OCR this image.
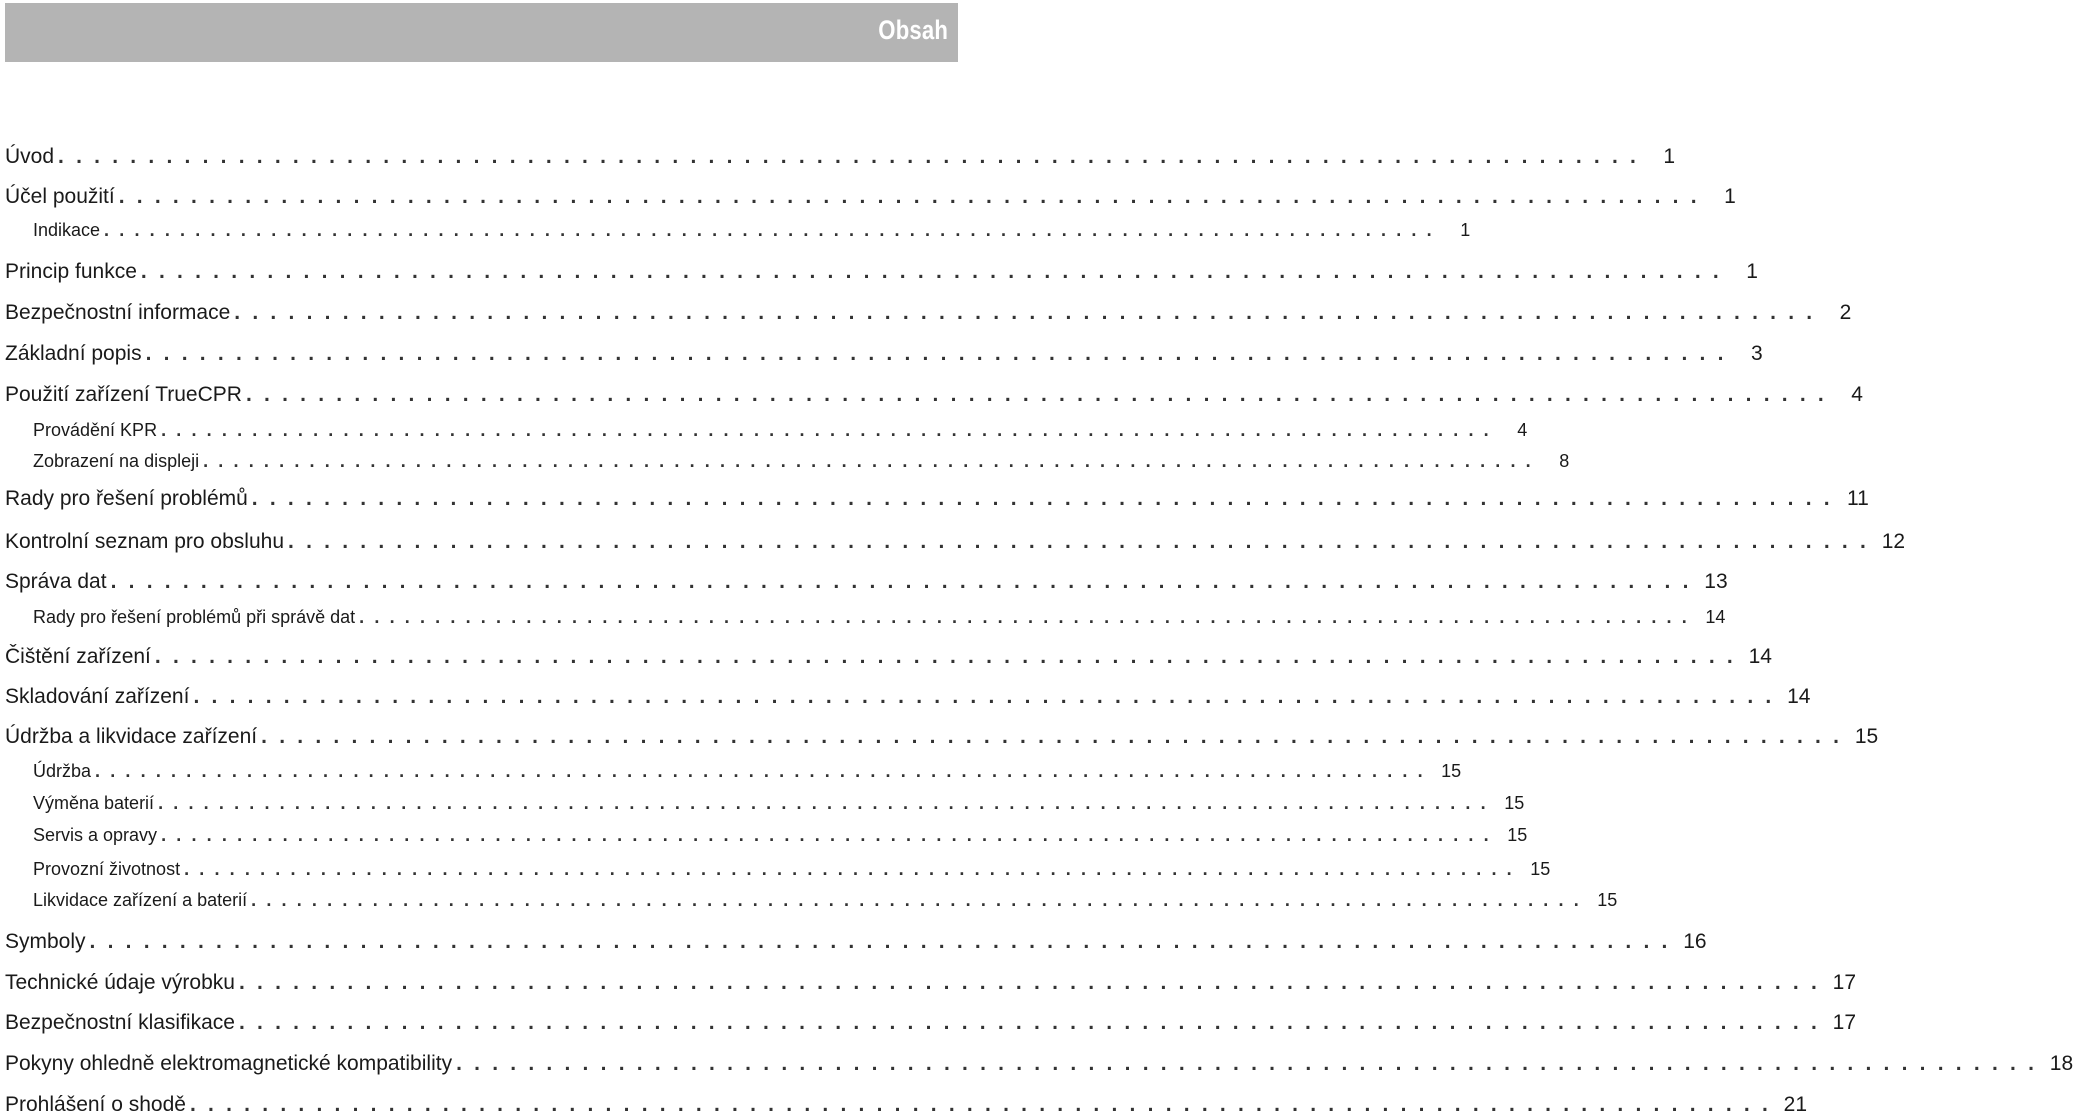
Obsah
Úvod . . . . . . . . . . . . . . . . . . . . . . . . . . . . . . . . . . . . . . . . . . . . . . . . . . . . . . . . . . . . . . . . . . . . . . . . . . . . . . . . . . . . . . . .	1
Účel použití . . . . . . . . . . . . . . . . . . . . . . . . . . . . . . . . . . . . . . . . . . . . . . . . . . . . . . . . . . . . . . . . . . . . . . . . . . . . . . . . . . . . . . . .	1
Indikace . . . . . . . . . . . . . . . . . . . . . . . . . . . . . . . . . . . . . . . . . . . . . . . . . . . . . . . . . . . . . . . . . . . . . . . . . . . . . . . . . . . . . . . .	1
Princip funkce . . . . . . . . . . . . . . . . . . . . . . . . . . . . . . . . . . . . . . . . . . . . . . . . . . . . . . . . . . . . . . . . . . . . . . . . . . . . . . . . . . . . . . . .	1
Bezpečnostní informace . . . . . . . . . . . . . . . . . . . . . . . . . . . . . . . . . . . . . . . . . . . . . . . . . . . . . . . . . . . . . . . . . . . . . . . . . . . . . . . . . . . . . . . .	2
Základní popis . . . . . . . . . . . . . . . . . . . . . . . . . . . . . . . . . . . . . . . . . . . . . . . . . . . . . . . . . . . . . . . . . . . . . . . . . . . . . . . . . . . . . . . .	3
Použití zařízení TrueCPR . . . . . . . . . . . . . . . . . . . . . . . . . . . . . . . . . . . . . . . . . . . . . . . . . . . . . . . . . . . . . . . . . . . . . . . . . . . . . . . . . . . . . . . .	4
Provádění KPR . . . . . . . . . . . . . . . . . . . . . . . . . . . . . . . . . . . . . . . . . . . . . . . . . . . . . . . . . . . . . . . . . . . . . . . . . . . . . . . . . . . . . . . .	4
Zobrazení na displeji . . . . . . . . . . . . . . . . . . . . . . . . . . . . . . . . . . . . . . . . . . . . . . . . . . . . . . . . . . . . . . . . . . . . . . . . . . . . . . . . . . . . . . . .	8
Rady pro řešení problémů . . . . . . . . . . . . . . . . . . . . . . . . . . . . . . . . . . . . . . . . . . . . . . . . . . . . . . . . . . . . . . . . . . . . . . . . . . . . . . . . . . . . . . . . 11
Kontrolní seznam pro obsluhu . . . . . . . . . . . . . . . . . . . . . . . . . . . . . . . . . . . . . . . . . . . . . . . . . . . . . . . . . . . . . . . . . . . . . . . . . . . . . . . . . . . . . . . . 12
Správa dat . . . . . . . . . . . . . . . . . . . . . . . . . . . . . . . . . . . . . . . . . . . . . . . . . . . . . . . . . . . . . . . . . . . . . . . . . . . . . . . . . . . . . . . . 13
Rady pro řešení problémů při správě dat . . . . . . . . . . . . . . . . . . . . . . . . . . . . . . . . . . . . . . . . . . . . . . . . . . . . . . . . . . . . . . . . . . . . . . . . . . . . . . . . . . . . . . . . 14
Čištění zařízení . . . . . . . . . . . . . . . . . . . . . . . . . . . . . . . . . . . . . . . . . . . . . . . . . . . . . . . . . . . . . . . . . . . . . . . . . . . . . . . . . . . . . . . . 14
Skladování zařízení . . . . . . . . . . . . . . . . . . . . . . . . . . . . . . . . . . . . . . . . . . . . . . . . . . . . . . . . . . . . . . . . . . . . . . . . . . . . . . . . . . . . . . . . 14
Údržba a likvidace zařízení . . . . . . . . . . . . . . . . . . . . . . . . . . . . . . . . . . . . . . . . . . . . . . . . . . . . . . . . . . . . . . . . . . . . . . . . . . . . . . . . . . . . . . . . 15
Údržba . . . . . . . . . . . . . . . . . . . . . . . . . . . . . . . . . . . . . . . . . . . . . . . . . . . . . . . . . . . . . . . . . . . . . . . . . . . . . . . . . . . . . . . . 15
Výměna baterií . . . . . . . . . . . . . . . . . . . . . . . . . . . . . . . . . . . . . . . . . . . . . . . . . . . . . . . . . . . . . . . . . . . . . . . . . . . . . . . . . . . . . . . . 15
Servis a opravy . . . . . . . . . . . . . . . . . . . . . . . . . . . . . . . . . . . . . . . . . . . . . . . . . . . . . . . . . . . . . . . . . . . . . . . . . . . . . . . . . . . . . . . . 15
Provozní životnost . . . . . . . . . . . . . . . . . . . . . . . . . . . . . . . . . . . . . . . . . . . . . . . . . . . . . . . . . . . . . . . . . . . . . . . . . . . . . . . . . . . . . . . . 15
Likvidace zařízení a baterií . . . . . . . . . . . . . . . . . . . . . . . . . . . . . . . . . . . . . . . . . . . . . . . . . . . . . . . . . . . . . . . . . . . . . . . . . . . . . . . . . . . . . . . . 15
Symboly . . . . . . . . . . . . . . . . . . . . . . . . . . . . . . . . . . . . . . . . . . . . . . . . . . . . . . . . . . . . . . . . . . . . . . . . . . . . . . . . . . . . . . . . 16
Technické údaje výrobku . . . . . . . . . . . . . . . . . . . . . . . . . . . . . . . . . . . . . . . . . . . . . . . . . . . . . . . . . . . . . . . . . . . . . . . . . . . . . . . . . . . . . . . . 17
Bezpečnostní klasifikace . . . . . . . . . . . . . . . . . . . . . . . . . . . . . . . . . . . . . . . . . . . . . . . . . . . . . . . . . . . . . . . . . . . . . . . . . . . . . . . . . . . . . . . . 17
Pokyny ohledně elektromagnetické kompatibility . . . . . . . . . . . . . . . . . . . . . . . . . . . . . . . . . . . . . . . . . . . . . . . . . . . . . . . . . . . . . . . . . . . . . . . . . . . . . . . . . . . . . . . . 18
Prohlášení o shodě . . . . . . . . . . . . . . . . . . . . . . . . . . . . . . . . . . . . . . . . . . . . . . . . . . . . . . . . . . . . . . . . . . . . . . . . . . . . . . . . . . . . . . . . 21
